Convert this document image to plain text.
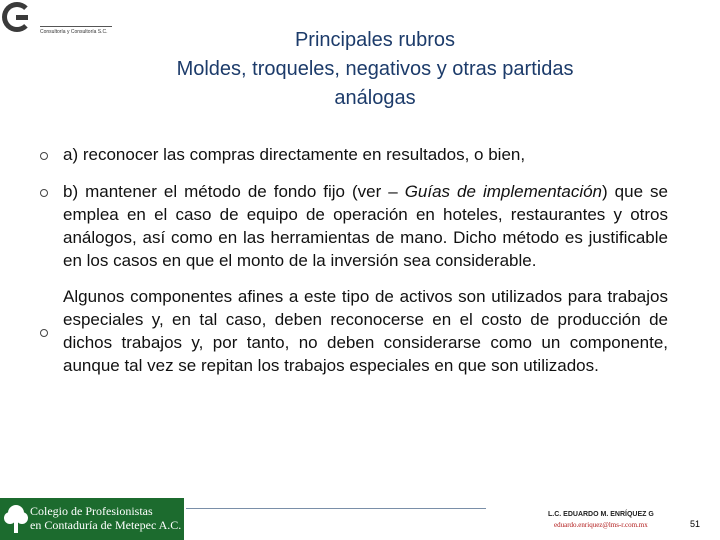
Consultoría y Consultoría S.C.	Principales rubros
Moldes, troqueles, negativos y otras partidas
análogas

a) reconocer las compras directamente en resultados, o bien,

b) mantener el método de fondo fijo (ver – Guías de implementación) que se emplea en el caso de equipo de operación en hoteles, restaurantes y otros análogos, así como en las herramientas de mano. Dicho método es justificable en los casos en que el monto de la inversión sea considerable.

Algunos componentes afines a este tipo de activos son utilizados para trabajos especiales y, en tal caso, deben reconocerse en el costo de producción de dichos trabajos y, por tanto, no deben considerarse como un componente, aunque tal vez se repitan los trabajos especiales en que son utilizados.

Colegio de Profesionistas
en Contaduría de Metepec A.C.
L.C. EDUARDO M. ENRÍQUEZ G
eduardo.enriquez@lms-r.com.mx	51
